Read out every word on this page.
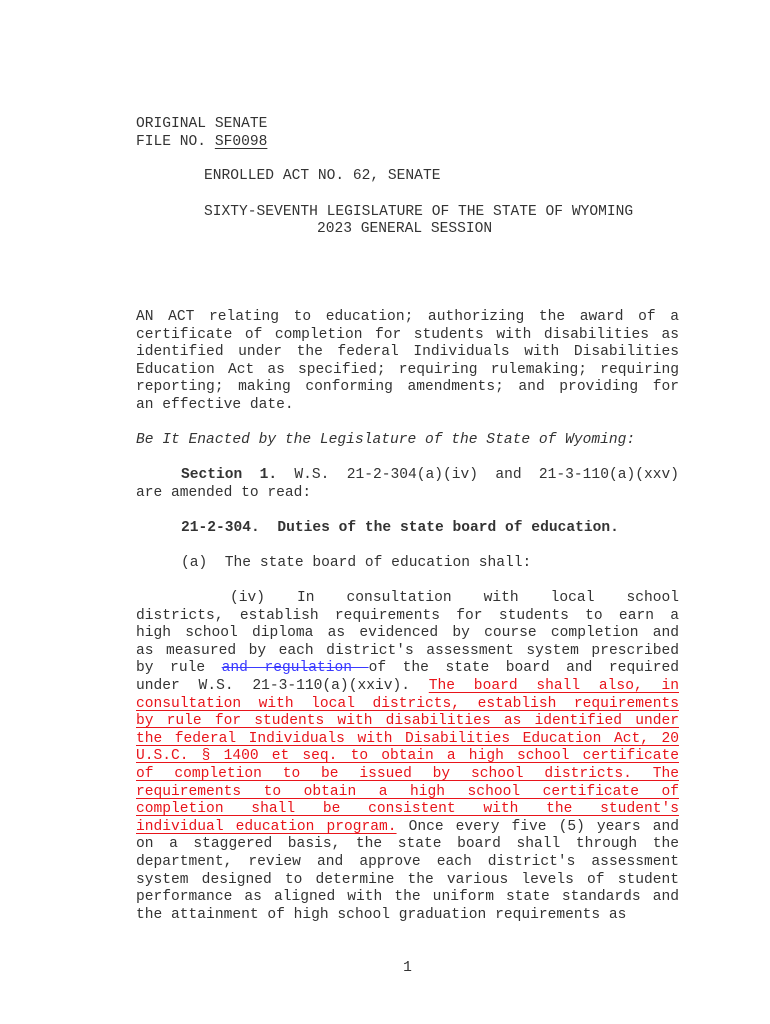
ORIGINAL SENATE
FILE NO. SF0098
ENROLLED ACT NO. 62, SENATE
SIXTY-SEVENTH LEGISLATURE OF THE STATE OF WYOMING
2023 GENERAL SESSION
AN ACT relating to education; authorizing the award of a
certificate of completion for students with disabilities as
identified under the federal Individuals with Disabilities
Education Act as specified; requiring rulemaking; requiring
reporting; making conforming amendments; and providing for
an effective date.
Be It Enacted by the Legislature of the State of Wyoming:
Section 1. W.S. 21-2-304(a)(iv) and 21-3-110(a)(xxv)
are amended to read:
21-2-304.  Duties of the state board of education.
(a)  The state board of education shall:
(iv) In consultation with local school
districts, establish requirements for students to earn a
high school diploma as evidenced by course completion and
as measured by each district's assessment system prescribed
by rule and regulation of the state board and required
under W.S. 21-3-110(a)(xxiv). The board shall also, in
consultation with local districts, establish requirements
by rule for students with disabilities as identified under
the federal Individuals with Disabilities Education Act, 20
U.S.C. § 1400 et seq. to obtain a high school certificate
of completion to be issued by school districts. The
requirements to obtain a high school certificate of
completion shall be consistent with the student's
individual education program. Once every five (5) years and
on a staggered basis, the state board shall through the
department, review and approve each district's assessment
system designed to determine the various levels of student
performance as aligned with the uniform state standards and
the attainment of high school graduation requirements as
1
